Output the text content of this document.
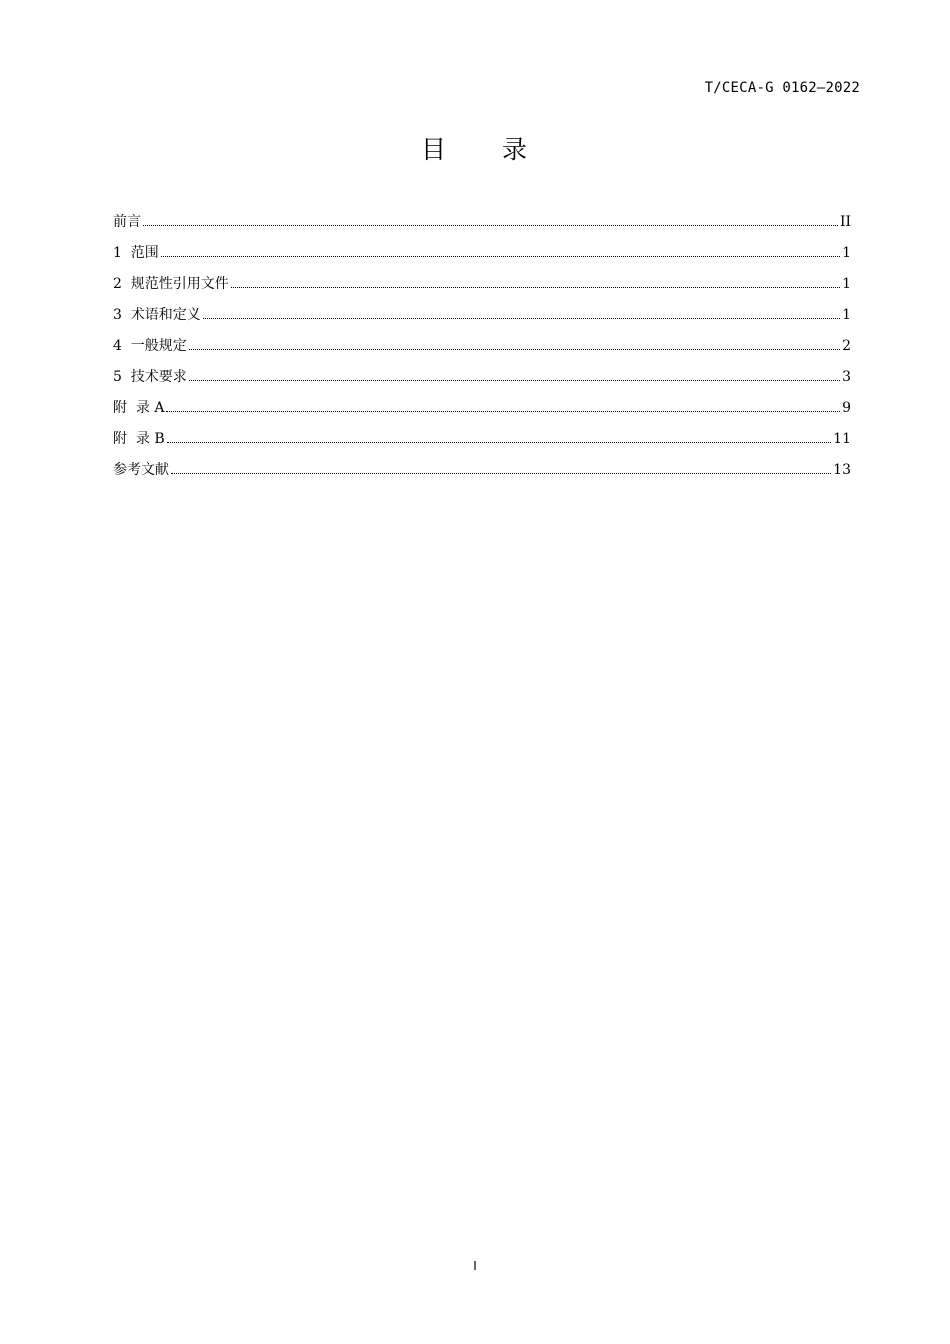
T/CECA-G 0162—2022
目 录
前言	II
1  范围	1
2  规范性引用文件	1
3  术语和定义	1
4  一般规定	2
5  技术要求	3
附  录 A	9
附  录 B	11
参考文献	13
I
